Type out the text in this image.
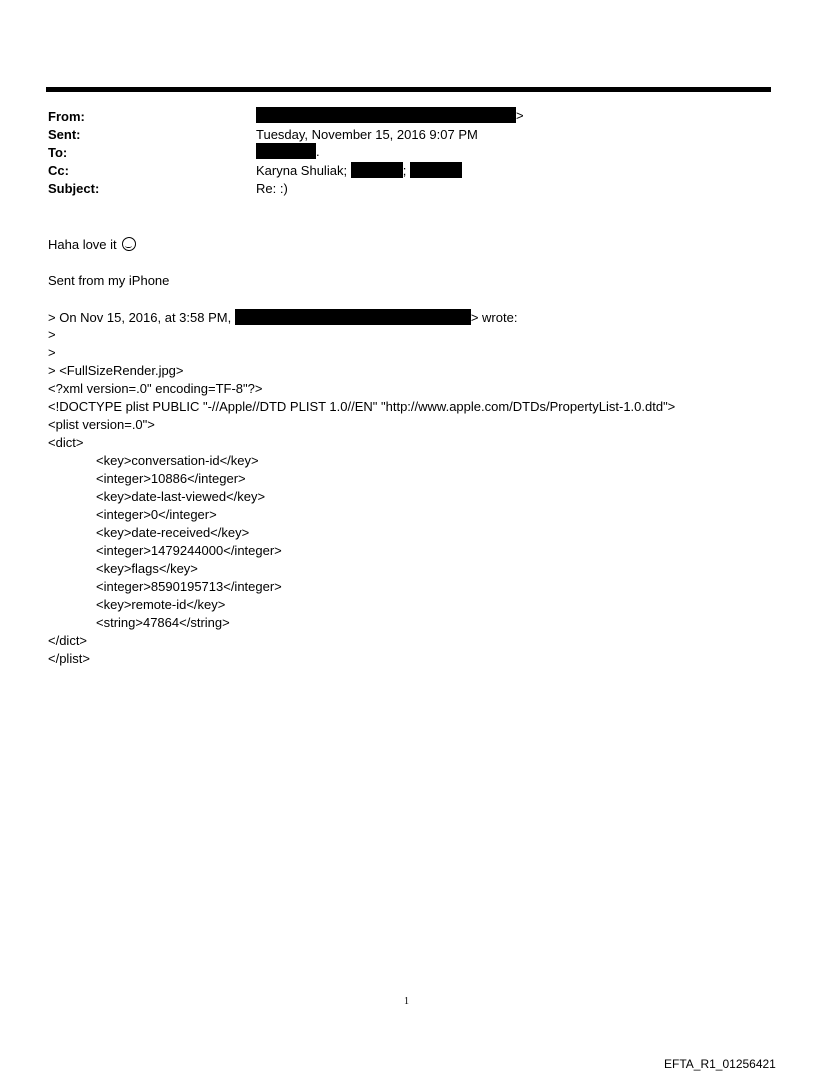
From:
Sent:
To:
Cc:
Subject:
>
Tuesday, November 15, 2016 9:07 PM
.
Karyna Shuliak;	;
Re: :)
Haha love it
Sent from my iPhone
> On Nov 15, 2016, at 3:58 PM,	> wrote:
>
>
> <FullSizeRender.jpg>
<?xml version=.0" encoding=TF-8"?>
<!DOCTYPE plist PUBLIC "-//Apple//DTD PLIST 1.0//EN" "http://www.apple.com/DTDs/PropertyList-1.0.dtd">
<plist version=.0">
<dict>
<key>conversation-id</key>
<integer>10886</integer>
<key>date-last-viewed</key>
<integer>0</integer>
<key>date-received</key>
<integer>1479244000</integer>
<key>flags</key>
<integer>8590195713</integer>
<key>remote-id</key>
<string>47864</string>
</dict>
</plist>
1
EFTA_R1_01256421
